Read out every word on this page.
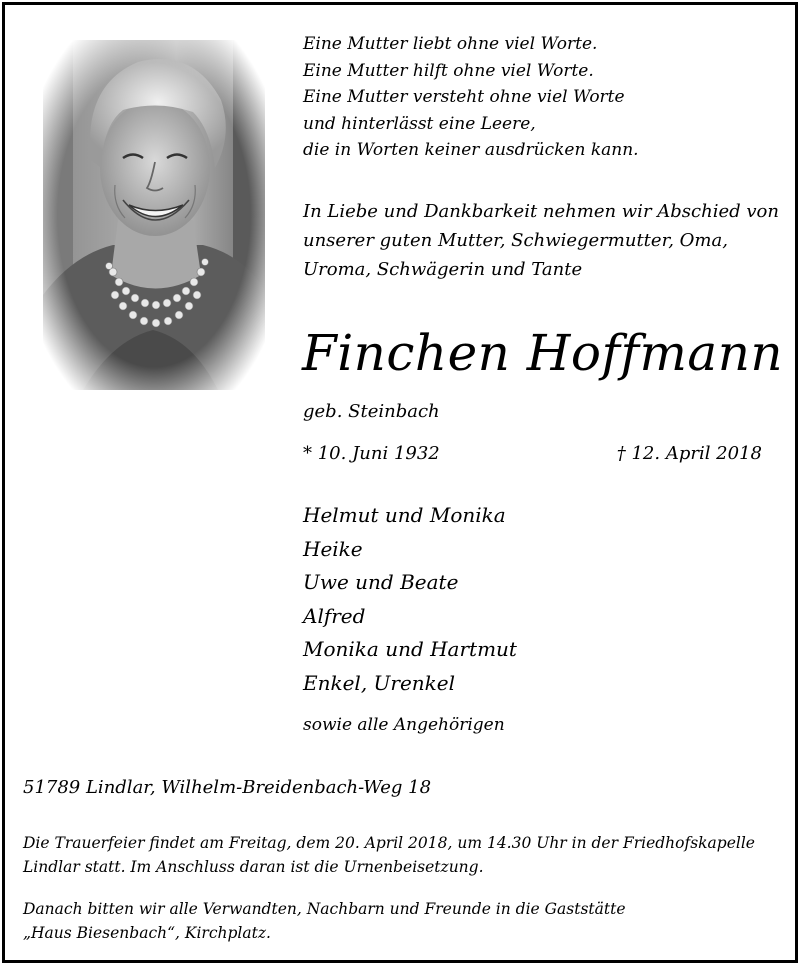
Eine Mutter liebt ohne viel Worte.
Eine Mutter hilft ohne viel Worte.
Eine Mutter versteht ohne viel Worte
und hinterlässt eine Leere,
die in Worten keiner ausdrücken kann.
In Liebe und Dankbarkeit nehmen wir Abschied von
unserer guten Mutter, Schwiegermutter, Oma,
Uroma, Schwägerin und Tante
Finchen Hoffmann
geb. Steinbach
* 10. Juni 1932	† 12. April 2018
Helmut und Monika
Heike
Uwe und Beate
Alfred
Monika und Hartmut
Enkel, Urenkel
sowie alle Angehörigen
51789 Lindlar, Wilhelm-Breidenbach-Weg 18
Die Trauerfeier findet am Freitag, dem 20. April 2018, um 14.30 Uhr in der Friedhofskapelle
Lindlar statt. Im Anschluss daran ist die Urnenbeisetzung.
Danach bitten wir alle Verwandten, Nachbarn und Freunde in die Gaststätte
„Haus Biesenbach“, Kirchplatz.
